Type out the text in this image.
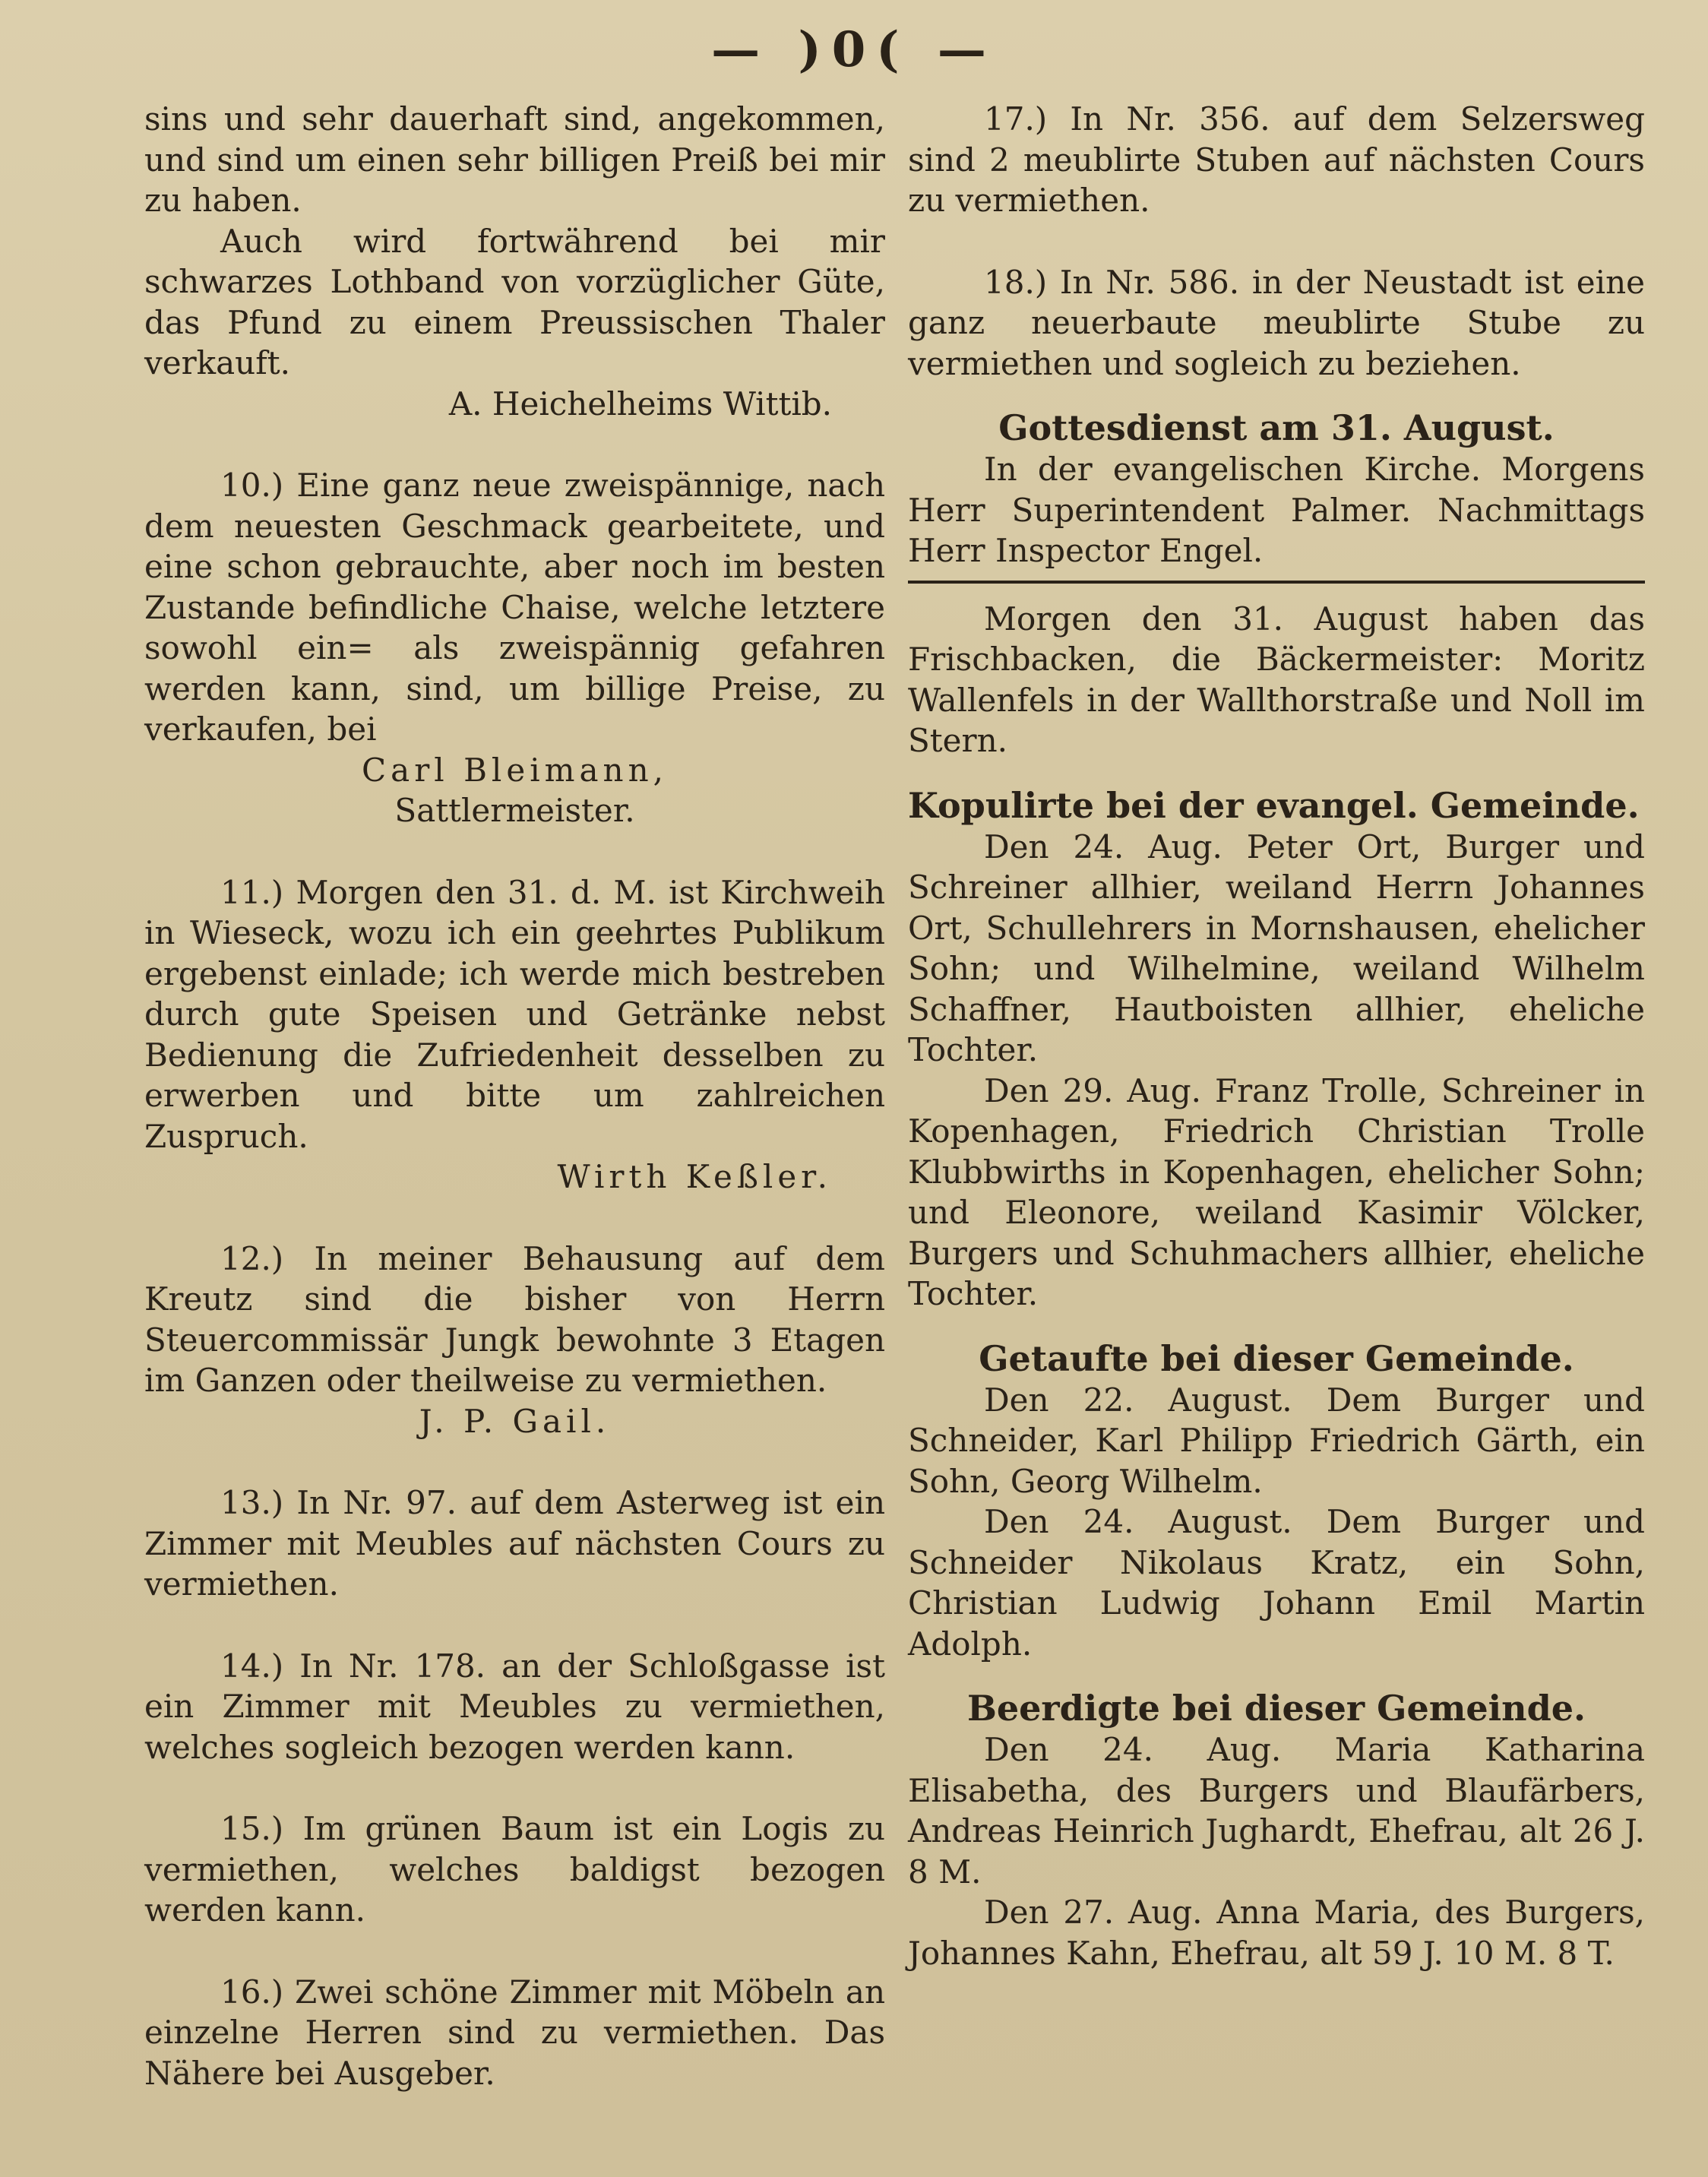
— )0( —

sins und sehr dauerhaft sind, angekommen, und sind um einen sehr billigen Preiß bei mir zu haben.

Auch wird fortwährend bei mir schwarzes Lothband von vorzüglicher Güte, das Pfund zu einem Preussischen Thaler verkauft.

A. Heichelheims Wittib.

10.) Eine ganz neue zweispännige, nach dem neuesten Geschmack gearbeitete, und eine schon gebrauchte, aber noch im besten Zustande befindliche Chaise, welche letztere sowohl ein= als zweispännig gefahren werden kann, sind, um billige Preise, zu verkaufen, bei

Carl Bleimann,

Sattlermeister.

11.) Morgen den 31. d. M. ist Kirchweih in Wieseck, wozu ich ein geehrtes Publikum ergebenst einlade; ich werde mich bestreben durch gute Speisen und Getränke nebst Bedienung die Zufriedenheit desselben zu erwerben und bitte um zahlreichen Zuspruch.

Wirth Keßler.

12.) In meiner Behausung auf dem Kreutz sind die bisher von Herrn Steuercommissär Jungk bewohnte 3 Etagen im Ganzen oder theilweise zu vermiethen.

J. P. Gail.

13.) In Nr. 97. auf dem Asterweg ist ein Zimmer mit Meubles auf nächsten Cours zu vermiethen.

14.) In Nr. 178. an der Schloßgasse ist ein Zimmer mit Meubles zu vermiethen, welches sogleich bezogen werden kann.

15.) Im grünen Baum ist ein Logis zu vermiethen, welches baldigst bezogen werden kann.

16.) Zwei schöne Zimmer mit Möbeln an einzelne Herren sind zu vermiethen. Das Nähere bei Ausgeber.

17.) In Nr. 356. auf dem Selzersweg sind 2 meublirte Stuben auf nächsten Cours zu vermiethen.

18.) In Nr. 586. in der Neustadt ist eine ganz neuerbaute meublirte Stube zu vermiethen und sogleich zu beziehen.

Gottesdienst am 31. August.

In der evangelischen Kirche. Morgens Herr Superintendent Palmer. Nachmittags Herr Inspector Engel.

Morgen den 31. August haben das Frischbacken, die Bäckermeister: Moritz Wallenfels in der Wallthorstraße und Noll im Stern.

Kopulirte bei der evangel. Gemeinde.

Den 24. Aug. Peter Ort, Burger und Schreiner allhier, weiland Herrn Johannes Ort, Schullehrers in Mornshausen, ehelicher Sohn; und Wilhelmine, weiland Wilhelm Schaffner, Hautboisten allhier, eheliche Tochter.

Den 29. Aug. Franz Trolle, Schreiner in Kopenhagen, Friedrich Christian Trolle Klubbwirths in Kopenhagen, ehelicher Sohn; und Eleonore, weiland Kasimir Völcker, Burgers und Schuhmachers allhier, eheliche Tochter.

Getaufte bei dieser Gemeinde.

Den 22. August. Dem Burger und Schneider, Karl Philipp Friedrich Gärth, ein Sohn, Georg Wilhelm.

Den 24. August. Dem Burger und Schneider Nikolaus Kratz, ein Sohn, Christian Ludwig Johann Emil Martin Adolph.

Beerdigte bei dieser Gemeinde.

Den 24. Aug. Maria Katharina Elisabetha, des Burgers und Blaufärbers, Andreas Heinrich Jughardt, Ehefrau, alt 26 J. 8 M.

Den 27. Aug. Anna Maria, des Burgers, Johannes Kahn, Ehefrau, alt 59 J. 10 M. 8 T.
